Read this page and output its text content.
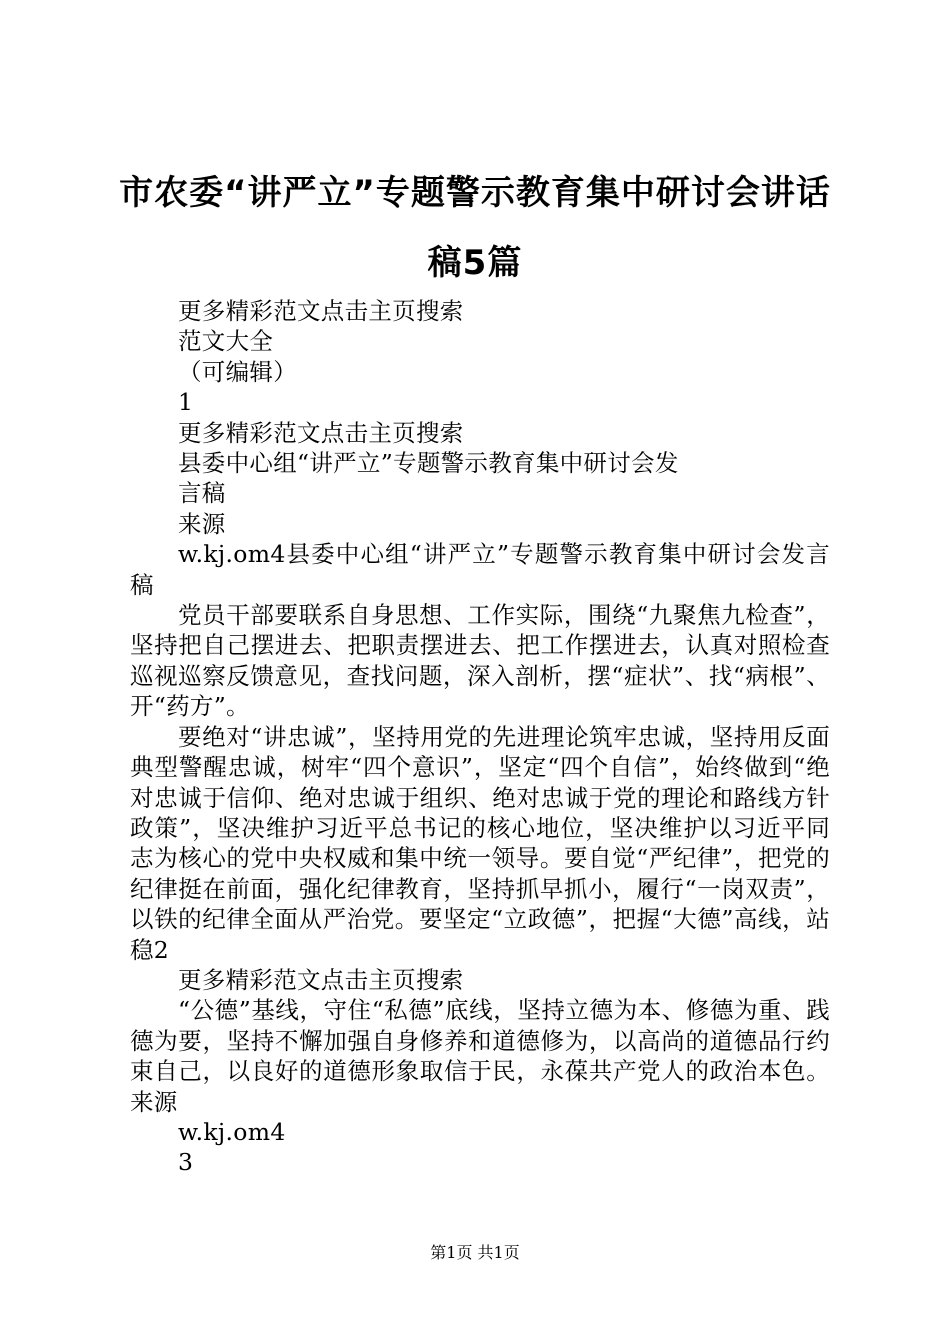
市农委“讲严立”专题警示教育集中研讨会讲话稿5篇

更多精彩范文点击主页搜索

范文大全

（可编辑）

1

更多精彩范文点击主页搜索

县委中心组“讲严立”专题警示教育集中研讨会发

言稿

来源

w.kj.om4县委中心组“讲严立”专题警示教育集中研讨会发言稿

党员干部要联系自身思想、工作实际，围绕“九聚焦九检查”，坚持把自己摆进去、把职责摆进去、把工作摆进去，认真对照检查巡视巡察反馈意见，查找问题，深入剖析，摆“症状”、找“病根”、开“药方”。

要绝对“讲忠诚”，坚持用党的先进理论筑牢忠诚，坚持用反面典型警醒忠诚，树牢“四个意识”，坚定“四个自信”，始终做到“绝对忠诚于信仰、绝对忠诚于组织、绝对忠诚于党的理论和路线方针政策”，坚决维护习近平总书记的核心地位，坚决维护以习近平同志为核心的党中央权威和集中统一领导。要自觉“严纪律”，把党的纪律挺在前面，强化纪律教育，坚持抓早抓小，履行“一岗双责”，以铁的纪律全面从严治党。要坚定“立政德”，把握“大德”高线，站稳2

更多精彩范文点击主页搜索

“公德”基线，守住“私德”底线，坚持立德为本、修德为重、践德为要，坚持不懈加强自身修养和道德修为，以高尚的道德品行约束自己，以良好的道德形象取信于民，永葆共产党人的政治本色。来源

w.kj.om4

3

第1页 共1页
